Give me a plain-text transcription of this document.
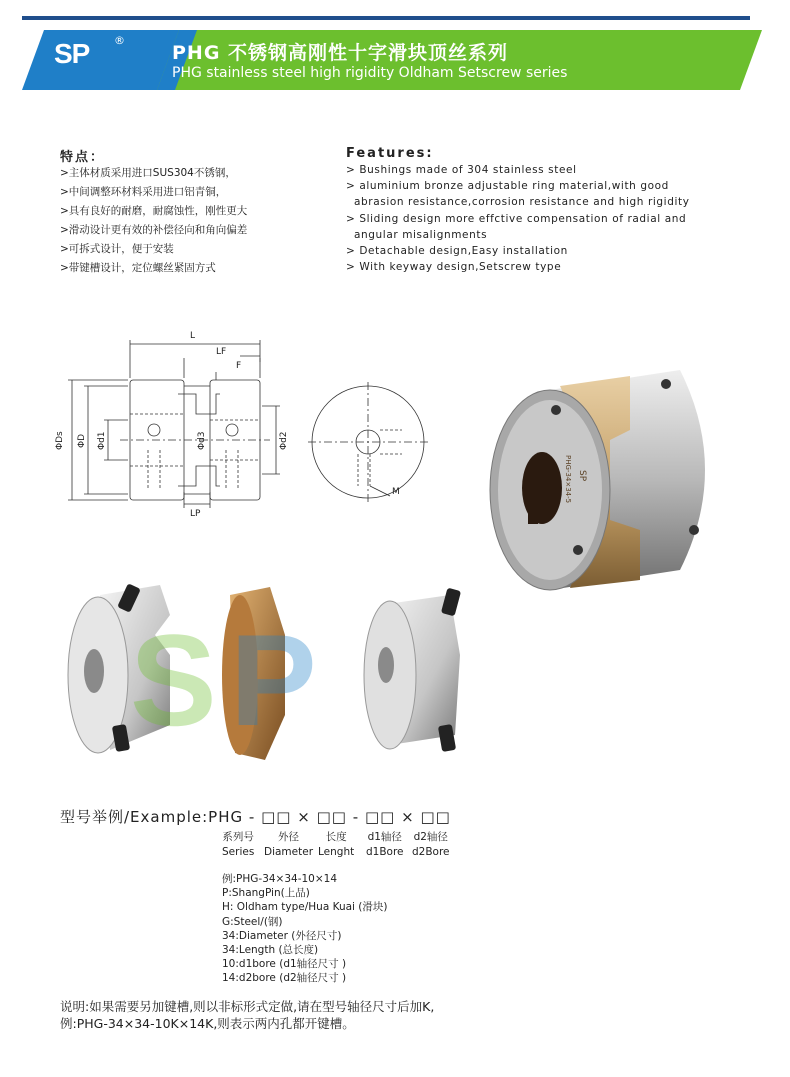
SP ®
PHG 不锈钢高刚性十字滑块顶丝系列
PHG stainless steel high rigidity Oldham Setscrew series
特点：
>主体材质采用进口SUS304不锈钢，
>中间调整环材料采用进口铝青铜，
>具有良好的耐磨，耐腐蚀性，刚性更大
>滑动设计更有效的补偿径向和角向偏差
>可拆式设计，便于安装
>带键槽设计，定位螺丝紧固方式
Features:
> Bushings made of 304 stainless steel
> aluminium bronze adjustable ring material,with good
abrasion resistance,corrosion resistance and high rigidity
> Sliding design more effctive compensation of radial and
angular misalignments
> Detachable design,Easy installation
> With keyway design,Setscrew type
L
LF
F
LP
ΦDs ΦD Φd1	Φd3	Φd2
M
SP
PHG-34×34-5
S P
型号举例/Example:PHG - □□ × □□ - □□ × □□
系列号
Series
外径
Diameter
长度
Lenght
d1轴径
d1Bore
d2轴径
d2Bore
例:PHG-34×34-10×14
P:ShangPin(上品)
H: Oldham type/Hua Kuai (滑块)
G:Steel/(钢)
34:Diameter (外径尺寸)
34:Length (总长度)
10:d1bore (d1轴径尺寸 )
14:d2bore (d2轴径尺寸 )
说明:如果需要另加键槽,则以非标形式定做,请在型号轴径尺寸后加K,
例:PHG-34×34-10K×14K,则表示两内孔都开键槽。
